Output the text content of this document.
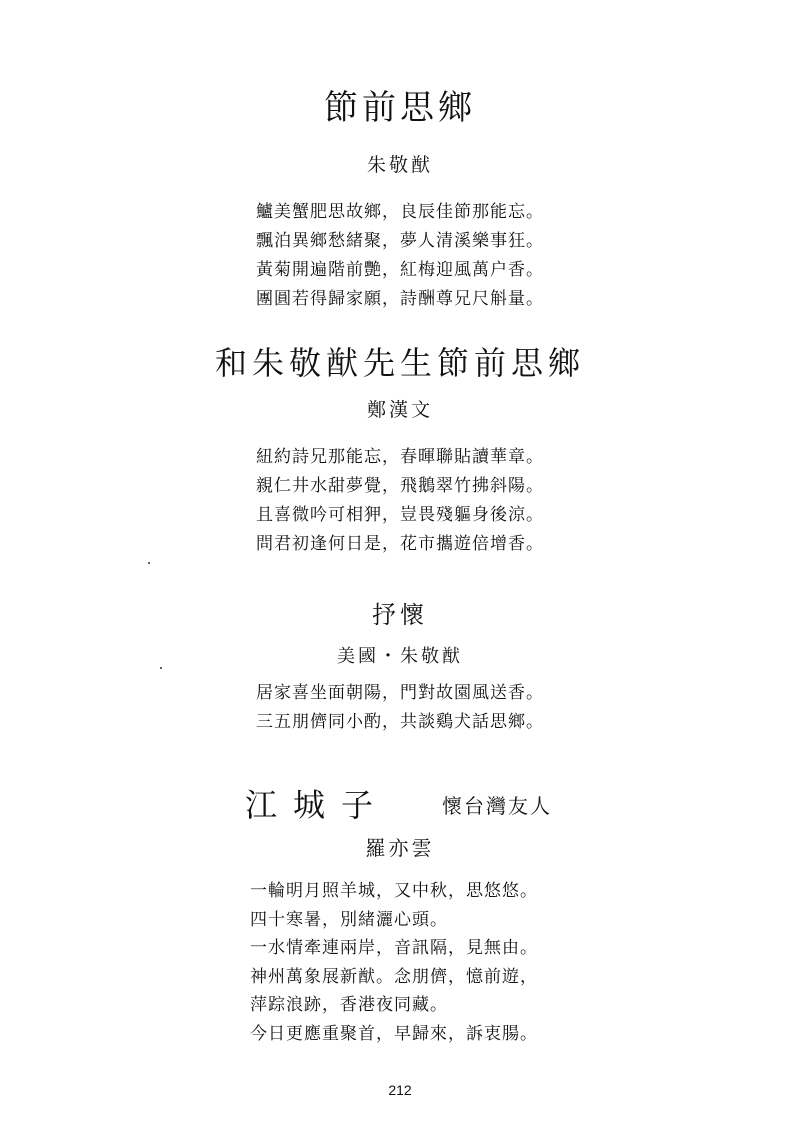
節前思鄉
朱敬猷
鱸美蟹肥思故鄉，良辰佳節那能忘。
飄泊異鄉愁緒聚，夢人清溪樂事狂。
黃菊開遍階前艷，紅梅迎風萬户香。
團圓若得歸家願，詩酬尊兄尺斛量。
和朱敬猷先生節前思鄉
鄭漢文
紐約詩兄那能忘，春暉聯貼讀華章。
親仁井水甜夢覺，飛鵝翠竹拂斜陽。
且喜微吟可相狎，豈畏殘軀身後涼。
問君初逢何日是，花市攜遊倍增香。
抒懷
美國・朱敬猷
居家喜坐面朝陽，門對故園風送香。
三五朋儕同小酌，共談鷄犬話思鄉。
江城子	懷台灣友人
羅亦雲
一輪明月照羊城，又中秋，思悠悠。
四十寒暑，別緒灑心頭。
一水情牽連兩岸，音訊隔，見無由。
神州萬象展新猷。念朋儕，憶前遊，
萍踪浪跡，香港夜同藏。
今日更應重聚首，早歸來，訴衷腸。
212
